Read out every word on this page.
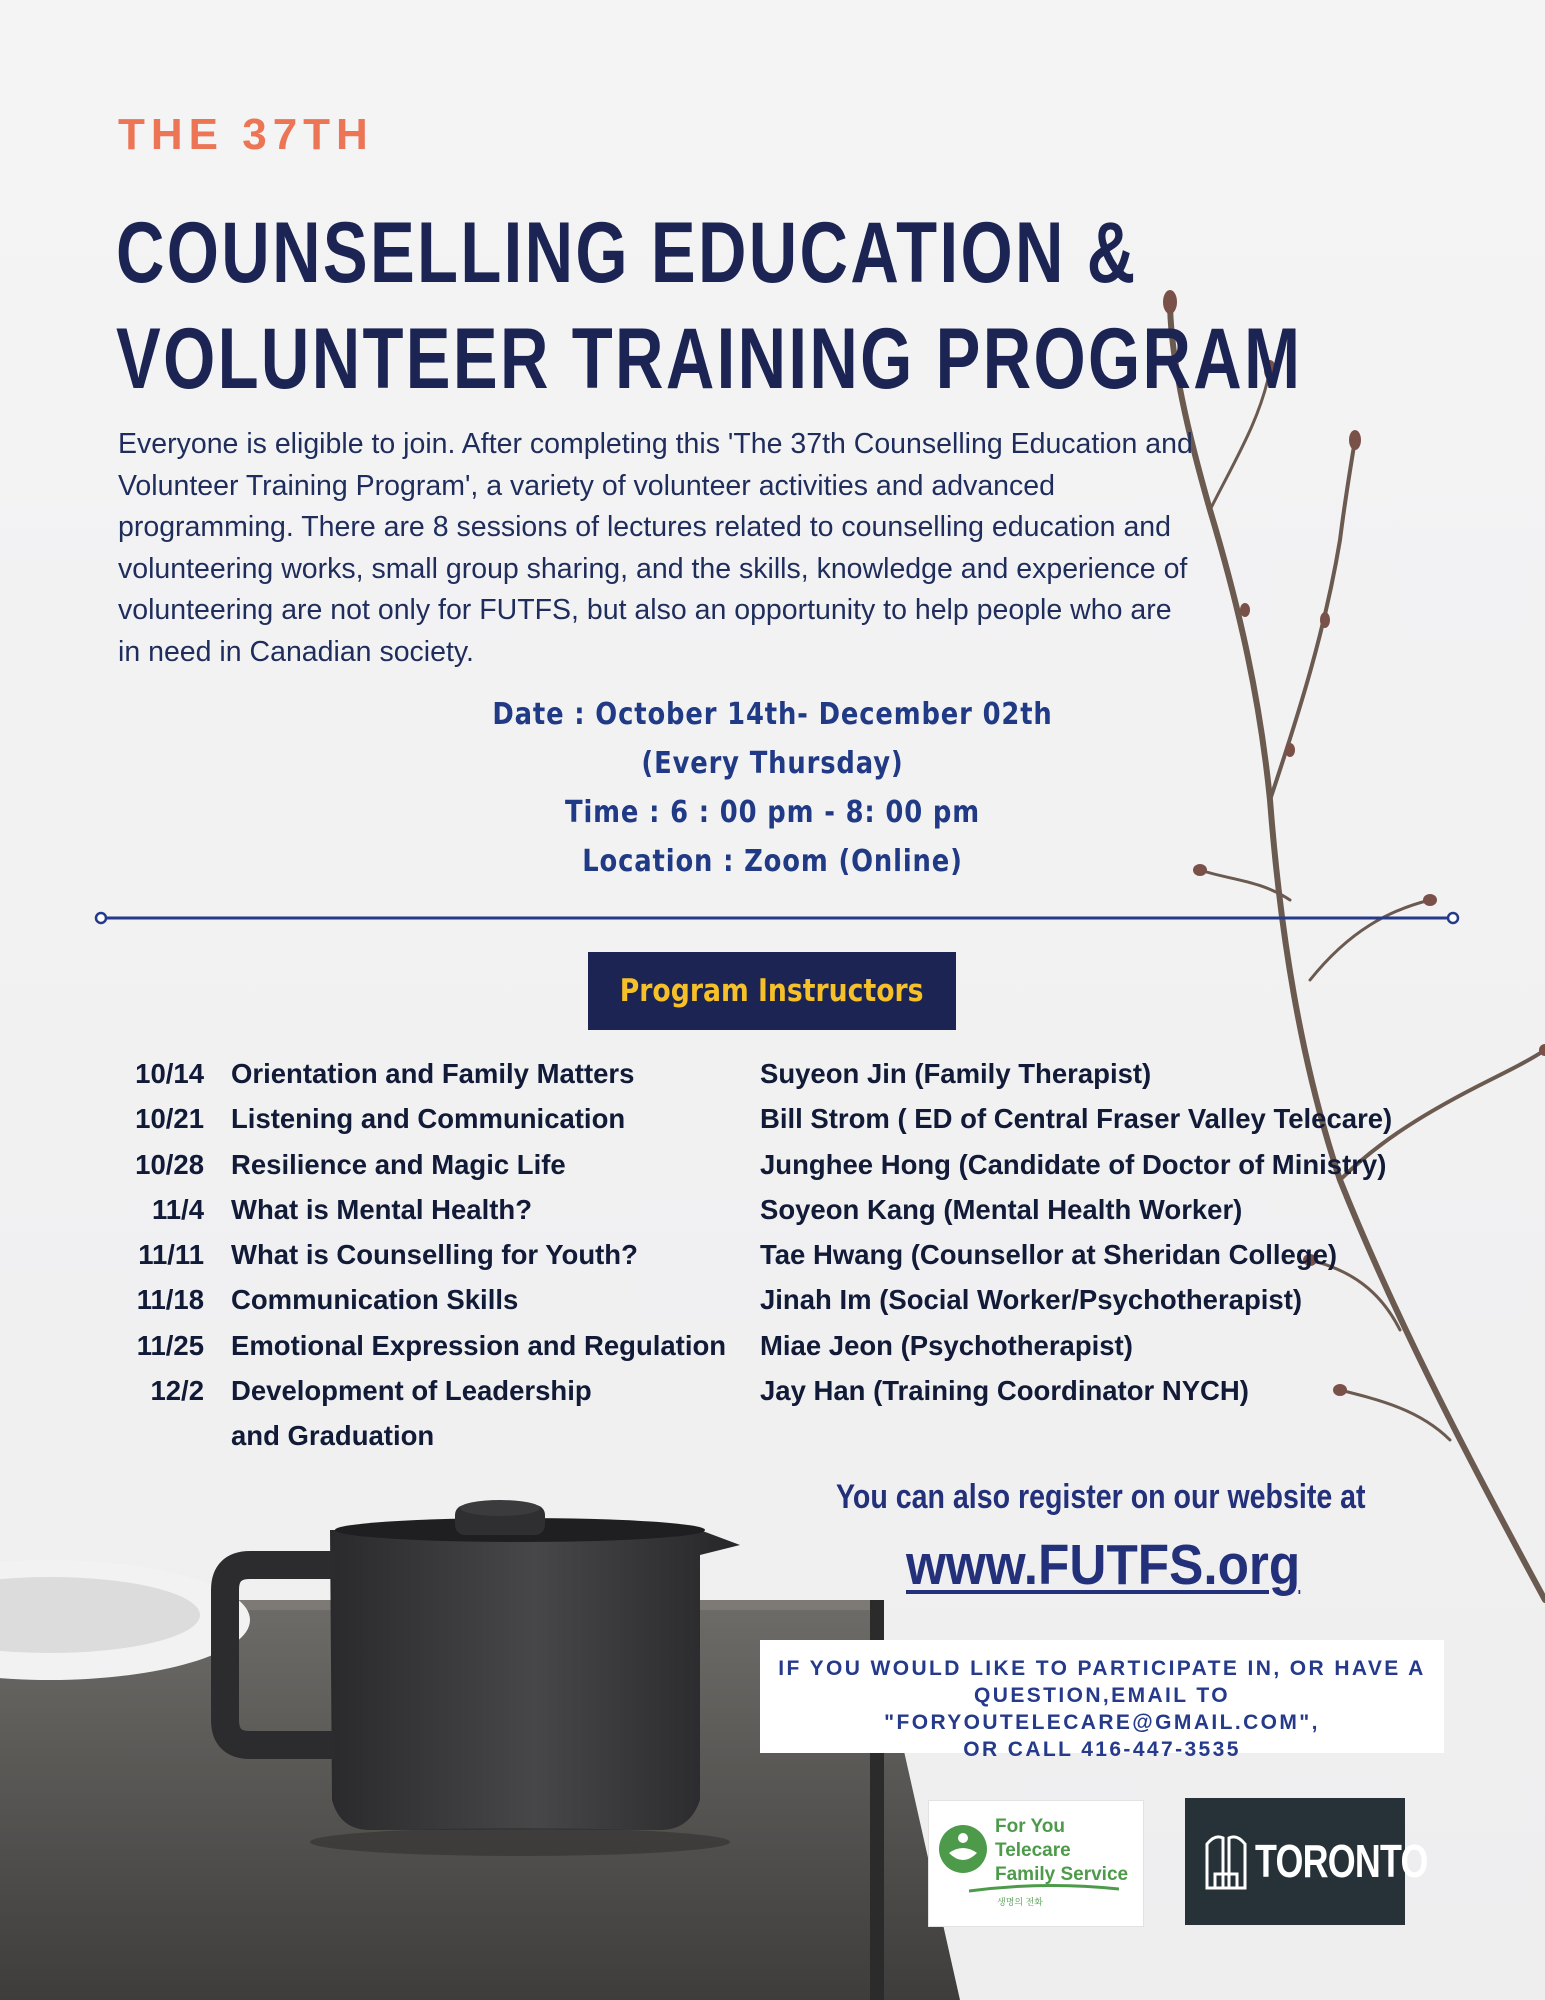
THE 37TH
COUNSELLING EDUCATION &
VOLUNTEER TRAINING PROGRAM
Everyone is eligible to join. After completing this 'The 37th Counselling Education and
Volunteer Training Program', a variety of volunteer activities and advanced
programming. There are 8 sessions of lectures related to counselling education and
volunteering works, small group sharing, and the skills, knowledge and experience of
volunteering are not only for FUTFS, but also an opportunity to help people who are
in need in Canadian society.
Date : October 14th- December 02th
(Every Thursday)
Time : 6 : 00 pm - 8: 00 pm
Location : Zoom (Online)
Program Instructors
10/14 Orientation and Family Matters	Suyeon Jin (Family Therapist)
10/21 Listening and Communication	Bill Strom ( ED of Central Fraser Valley Telecare)
10/28 Resilience and Magic Life	Junghee Hong (Candidate of Doctor of Ministry)
11/4 What is Mental Health?	Soyeon Kang (Mental Health Worker)
11/11 What is Counselling for Youth?	Tae Hwang (Counsellor at Sheridan College)
11/18 Communication Skills	Jinah Im (Social Worker/Psychotherapist)
11/25 Emotional Expression and Regulation	Miae Jeon (Psychotherapist)
12/2 Development of Leadership	Jay Han (Training Coordinator NYCH)
and Graduation
You can also register on our website at
www.FUTFS.org
IF YOU WOULD LIKE TO PARTICIPATE IN, OR HAVE A
QUESTION,EMAIL TO "FORYOUTELECARE@GMAIL.COM",
OR CALL 416-447-3535
For You Telecare
Family Service
생명의 전화
TORONTO
